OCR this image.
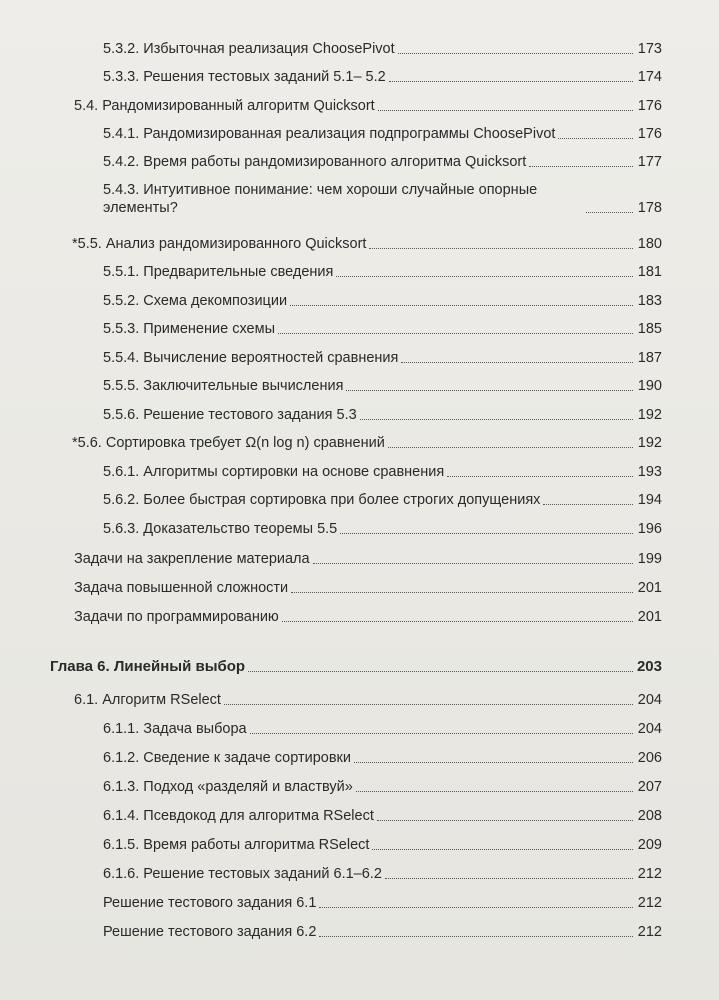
5.3.2. Избыточная реализация ChoosePivot	173
5.3.3. Решения тестовых заданий 5.1– 5.2	174
5.4. Рандомизированный алгоритм Quicksort	176
5.4.1. Рандомизированная реализация подпрограммы ChoosePivot	176
5.4.2. Время работы рандомизированного алгоритма Quicksort	177
5.4.3. Интуитивное понимание: чем хороши случайные опорные элементы?	178
*5.5. Анализ рандомизированного Quicksort	180
5.5.1. Предварительные сведения	181
5.5.2. Схема декомпозиции	183
5.5.3. Применение схемы	185
5.5.4. Вычисление вероятностей сравнения	187
5.5.5. Заключительные вычисления	190
5.5.6. Решение тестового задания 5.3	192
*5.6. Сортировка требует Ω(n log n) сравнений	192
5.6.1. Алгоритмы сортировки на основе сравнения	193
5.6.2. Более быстрая сортировка при более строгих допущениях	194
5.6.3. Доказательство теоремы 5.5	196
Задачи на закрепление материала	199
Задача повышенной сложности	201
Задачи по программированию	201
Глава 6. Линейный выбор	203
6.1. Алгоритм RSelect	204
6.1.1. Задача выбора	204
6.1.2. Сведение к задаче сортировки	206
6.1.3. Подход «разделяй и властвуй»	207
6.1.4. Псевдокод для алгоритма RSelect	208
6.1.5. Время работы алгоритма RSelect	209
6.1.6. Решение тестовых заданий 6.1–6.2	212
Решение тестового задания 6.1	212
Решение тестового задания 6.2	212
